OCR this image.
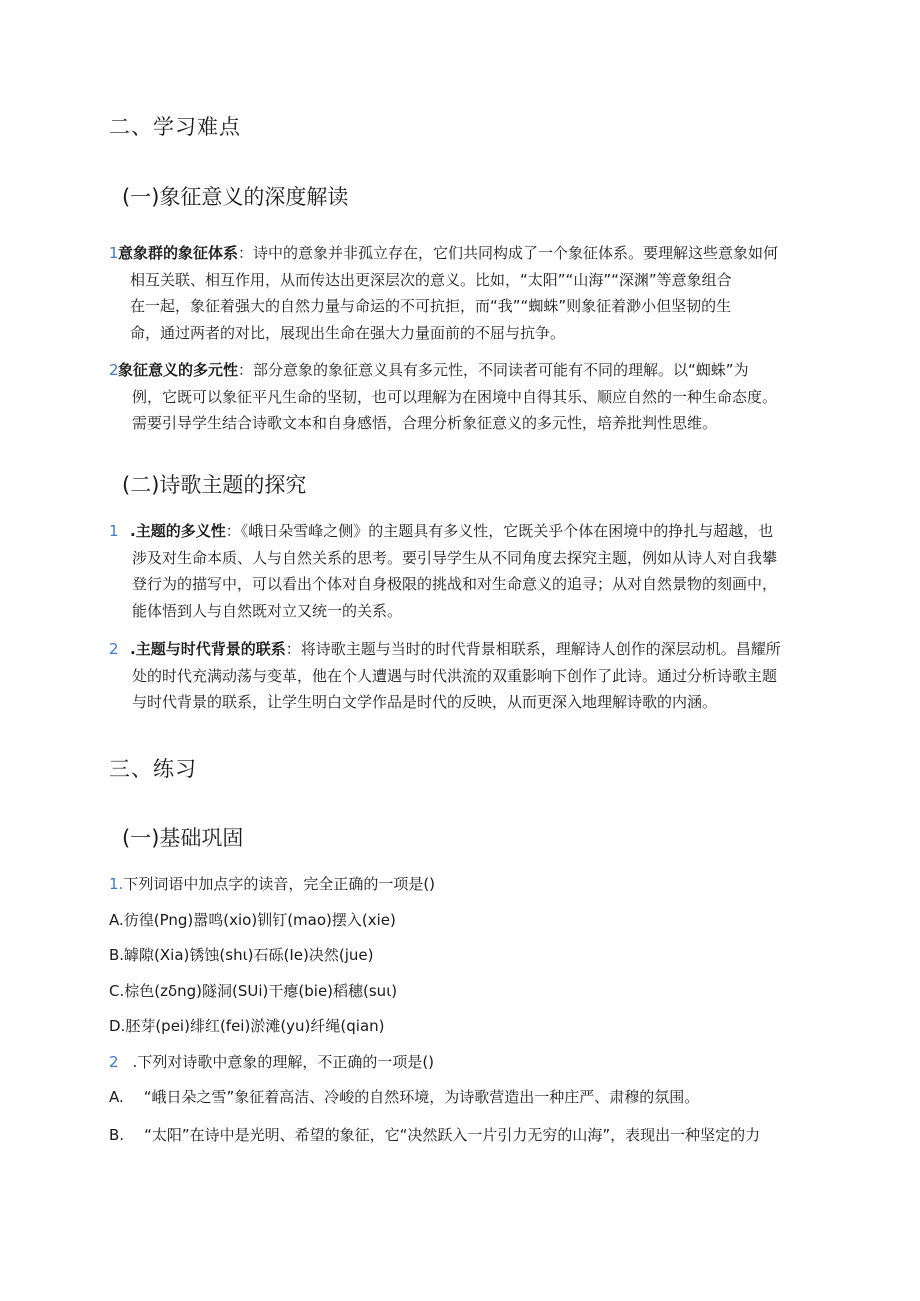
二、学习难点
(一)象征意义的深度解读
1 意象群的象征体系：诗中的意象并非孤立存在，它们共同构成了一个象征体系。要理解这些意象如何

相互关联、相互作用，从而传达出更深层次的意义。比如，“太阳”“山海”“深渊”等意象组合

在一起，象征着强大的自然力量与命运的不可抗拒，而“我”“蜘蛛”则象征着渺小但坚韧的生

命，通过两者的对比，展现出生命在强大力量面前的不屈与抗争。

2 象征意义的多元性：部分意象的象征意义具有多元性，不同读者可能有不同的理解。以“蜘蛛”为

例，它既可以象征平凡生命的坚韧，也可以理解为在困境中自得其乐、顺应自然的一种生命态度。

需要引导学生结合诗歌文本和自身感悟，合理分析象征意义的多元性，培养批判性思维。

(二)诗歌主题的探究
1 .主题的多义性：《峨日朵雪峰之侧》的主题具有多义性，它既关乎个体在困境中的挣扎与超越，也

涉及对生命本质、人与自然关系的思考。要引导学生从不同角度去探究主题，例如从诗人对自我攀

登行为的描写中，可以看出个体对自身极限的挑战和对生命意义的追寻；从对自然景物的刻画中，

能体悟到人与自然既对立又统一的关系。

2 .主题与时代背景的联系：将诗歌主题与当时的时代背景相联系，理解诗人创作的深层动机。昌耀所

处的时代充满动荡与变革，他在个人遭遇与时代洪流的双重影响下创作了此诗。通过分析诗歌主题

与时代背景的联系，让学生明白文学作品是时代的反映，从而更深入地理解诗歌的内涵。

三、练习
(一)基础巩固
1.下列词语中加点字的读音，完全正确的一项是()
A.彷徨(Png)嚣鸣(xio)钏钉(mao)摆入(xie)
B.罅隙(Xia)锈蚀(shι)石砾(Ie)决然(jue)
C.棕色(zδng)隧洞(SUi)干瘪(bie)稻穗(suι)
D.胚芽(pei)绯红(fei)淤滩(yu)纤绳(qian)
2 .下列对诗歌中意象的理解，不正确的一项是()
A. “峨日朵之雪”象征着高洁、冷峻的自然环境，为诗歌营造出一种庄严、肃穆的氛围。
B. “太阳”在诗中是光明、希望的象征，它“决然跃入一片引力无穷的山海”，表现出一种坚定的力
